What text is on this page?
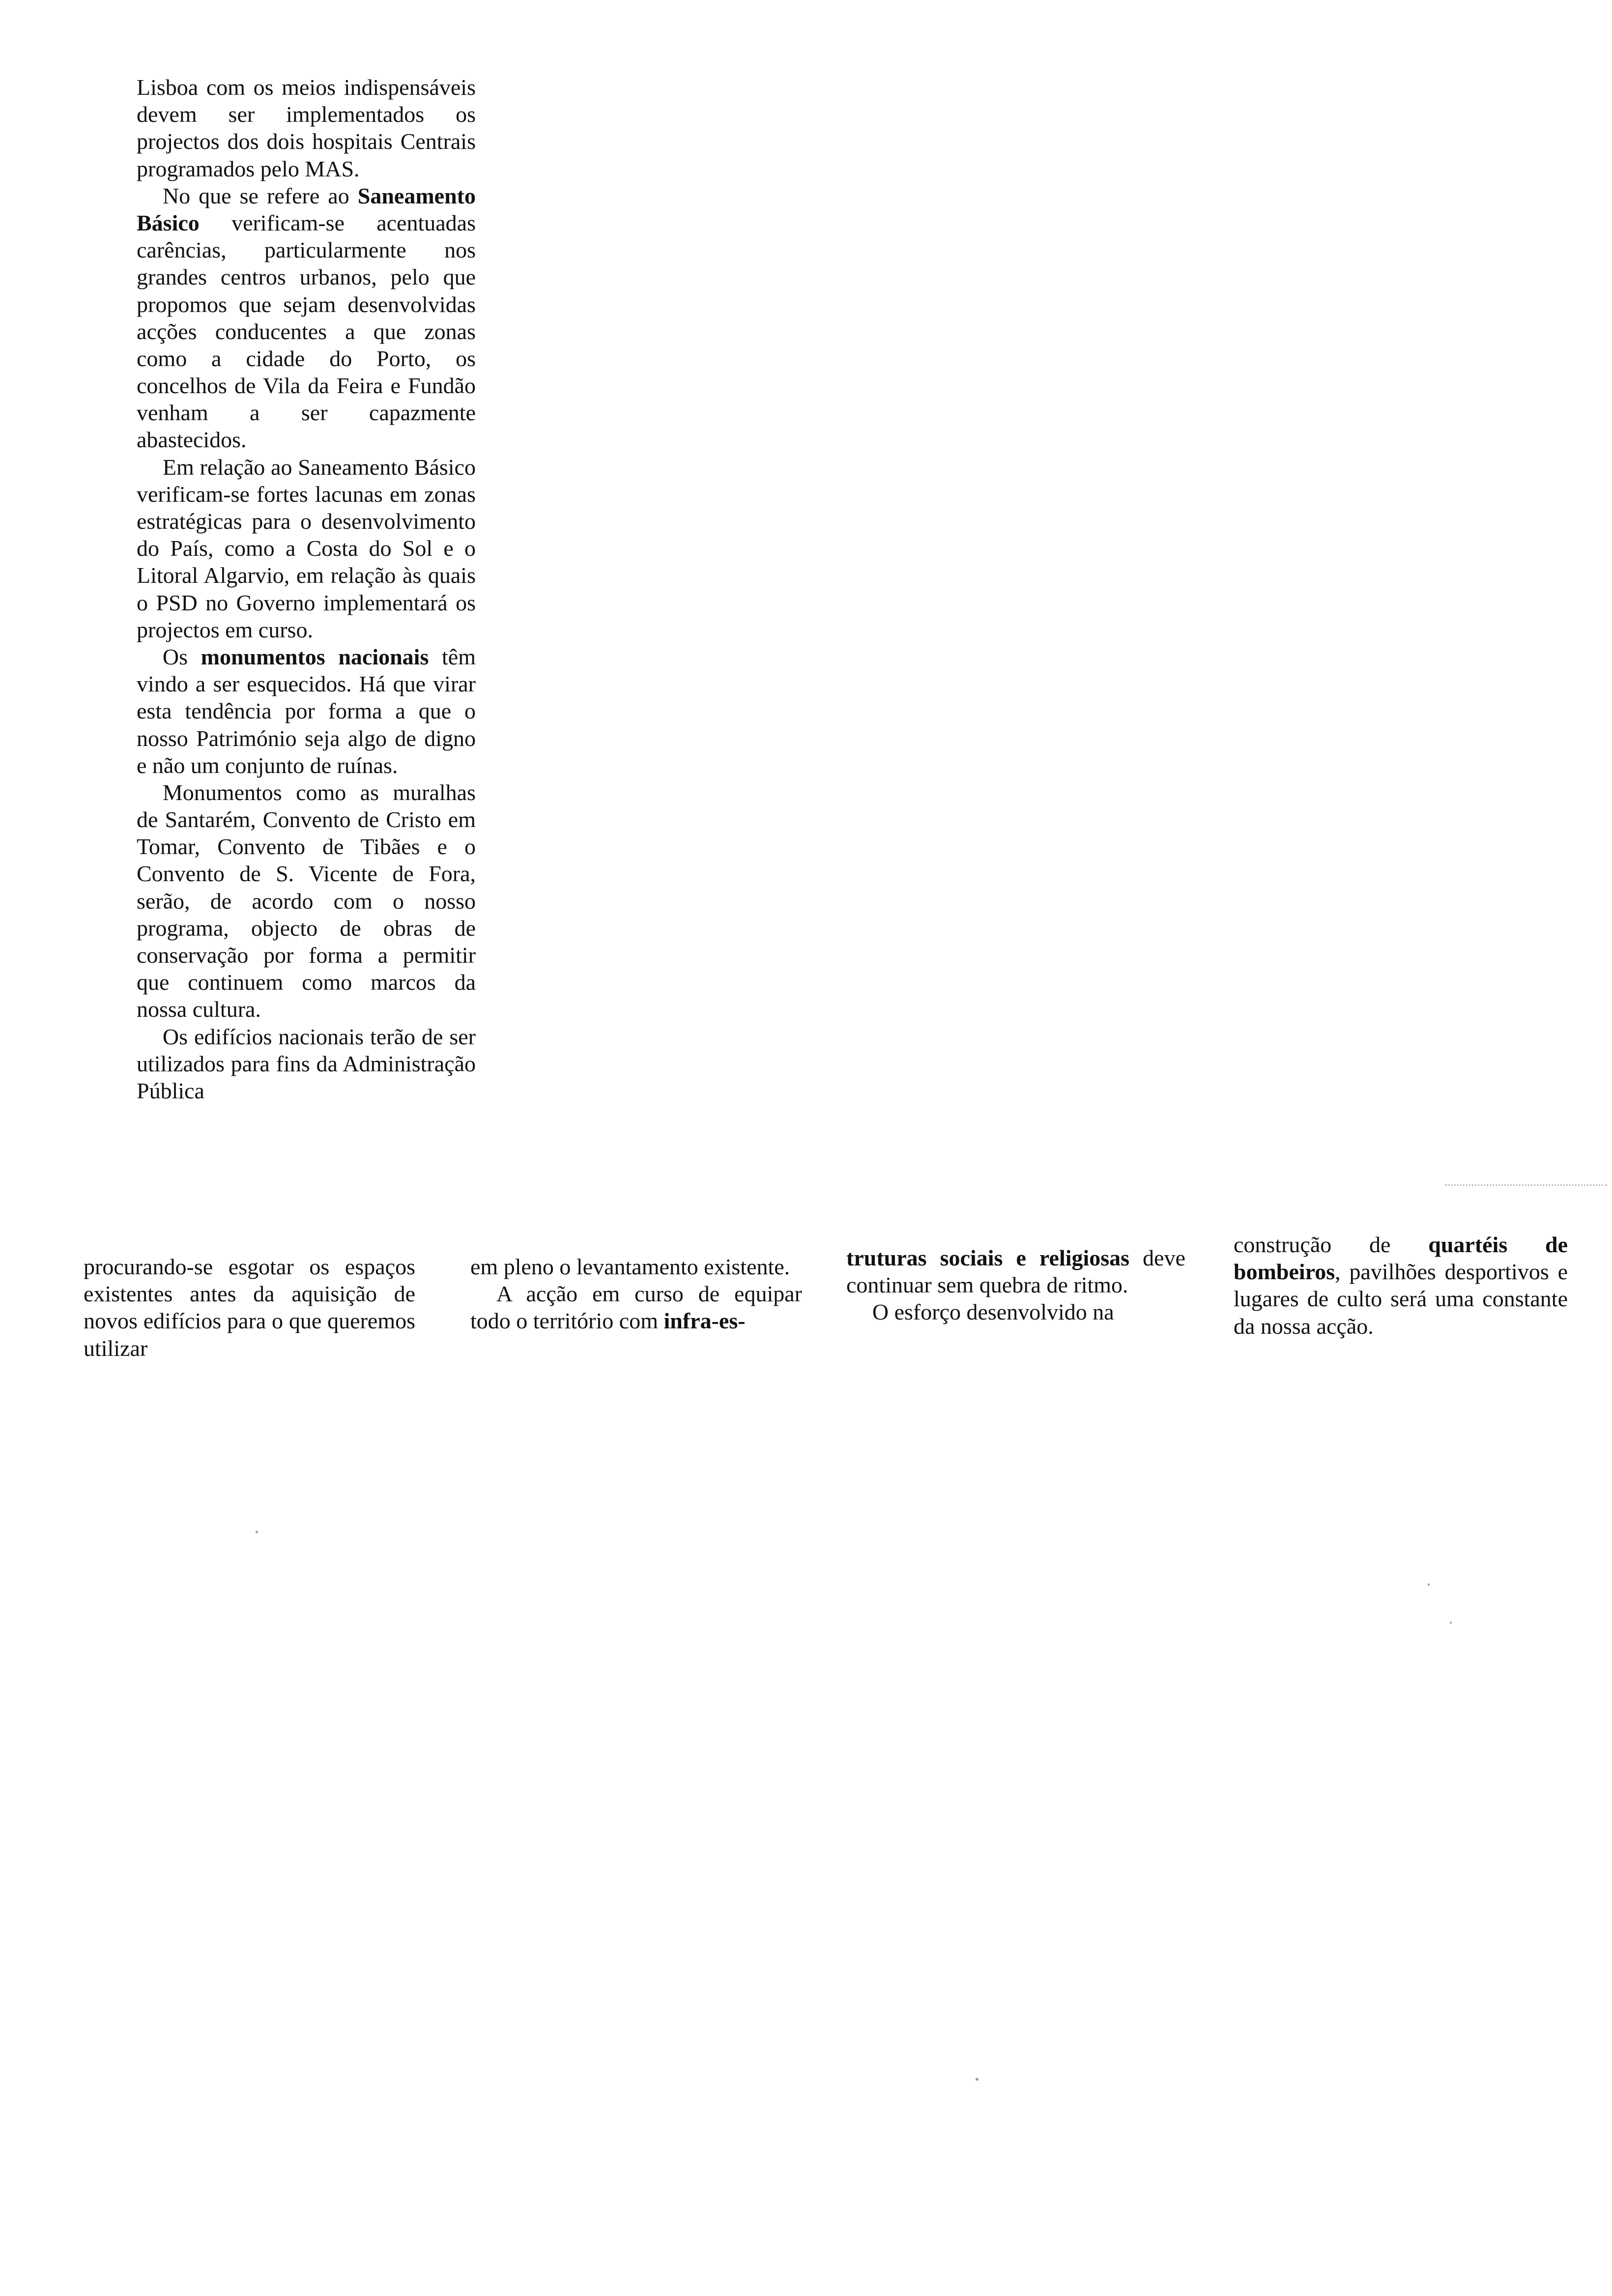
Lisboa com os meios indispensáveis devem ser implementados os projectos dos dois hospitais Centrais programados pelo MAS.

No que se refere ao Saneamento Básico verificam-se acentuadas carências, particularmente nos grandes centros urbanos, pelo que propomos que sejam desenvolvidas acções conducentes a que zonas como a cidade do Porto, os concelhos de Vila da Feira e Fundão venham a ser capazmente abastecidos.

Em relação ao Saneamento Básico verificam-se fortes lacunas em zonas estratégicas para o desenvolvimento do País, como a Costa do Sol e o Litoral Algarvio, em relação às quais o PSD no Governo implementará os projectos em curso.

Os monumentos nacionais têm vindo a ser esquecidos. Há que virar esta tendência por forma a que o nosso Património seja algo de digno e não um conjunto de ruínas.

Monumentos como as muralhas de Santarém, Convento de Cristo em Tomar, Convento de Tibães e o Convento de S. Vicente de Fora, serão, de acordo com o nosso programa, objecto de obras de conservação por forma a permitir que continuem como marcos da nossa cultura.

Os edifícios nacionais terão de ser utilizados para fins da Administração Pública

procurando-se esgotar os espaços existentes antes da aquisição de novos edifícios para o que queremos utilizar

em pleno o levantamento existente.

A acção em curso de equipar todo o território com infra-es-

truturas sociais e religiosas deve continuar sem quebra de ritmo.

O esforço desenvolvido na

construção de quartéis de bombeiros, pavilhões desportivos e lugares de culto será uma constante da nossa acção.
